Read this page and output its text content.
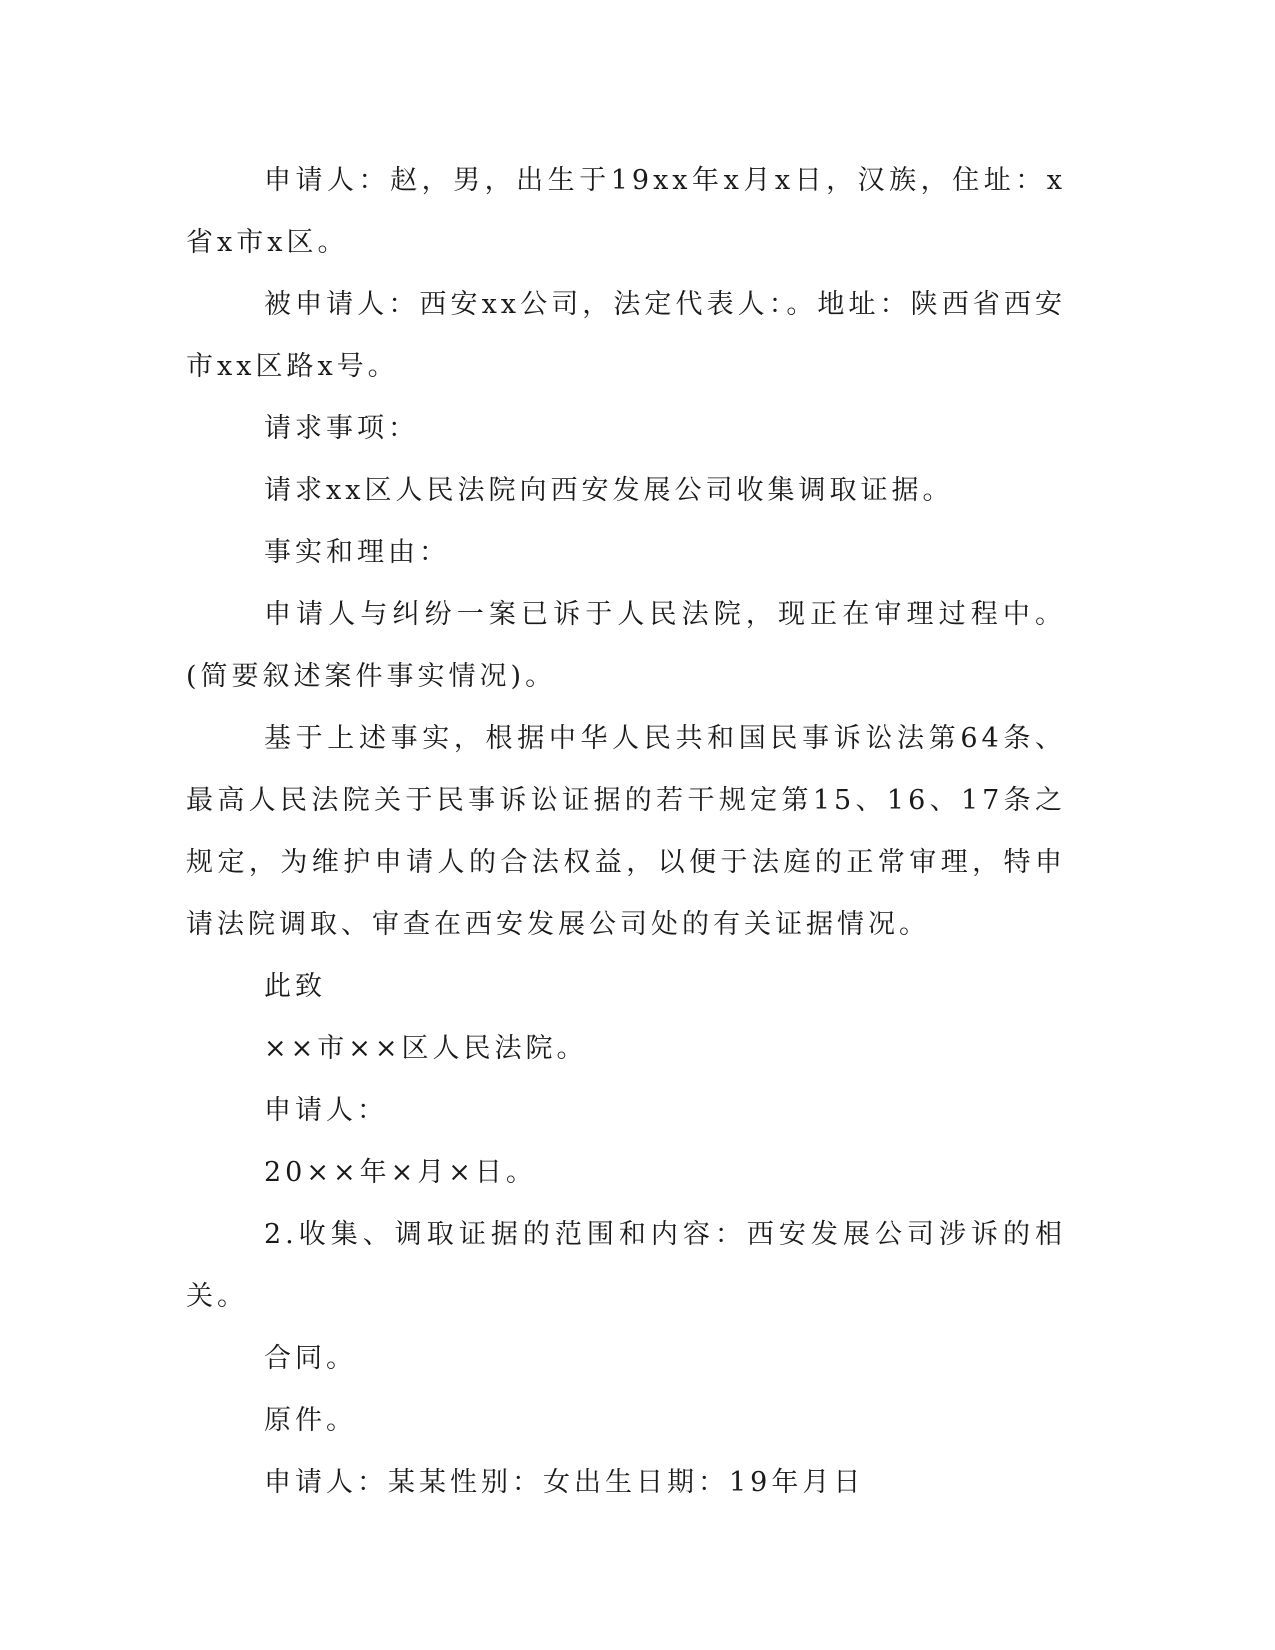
申请人：赵，男，出生于19xx年x月x日，汉族，住址：x省x市x区。

被申请人：西安xx公司，法定代表人：。地址：陕西省西安市xx区路x号。

请求事项：

请求xx区人民法院向西安发展公司收集调取证据。

事实和理由：

申请人与纠纷一案已诉于人民法院，现正在审理过程中。(简要叙述案件事实情况)。

基于上述事实，根据中华人民共和国民事诉讼法第64条、最高人民法院关于民事诉讼证据的若干规定第15、16、17条之规定，为维护申请人的合法权益，以便于法庭的正常审理，特申请法院调取、审查在西安发展公司处的有关证据情况。

此致

××市××区人民法院。

申请人：

20××年×月×日。

2.收集、调取证据的范围和内容：西安发展公司涉诉的相关。

合同。

原件。

申请人：某某性别：女出生日期：19年月日
